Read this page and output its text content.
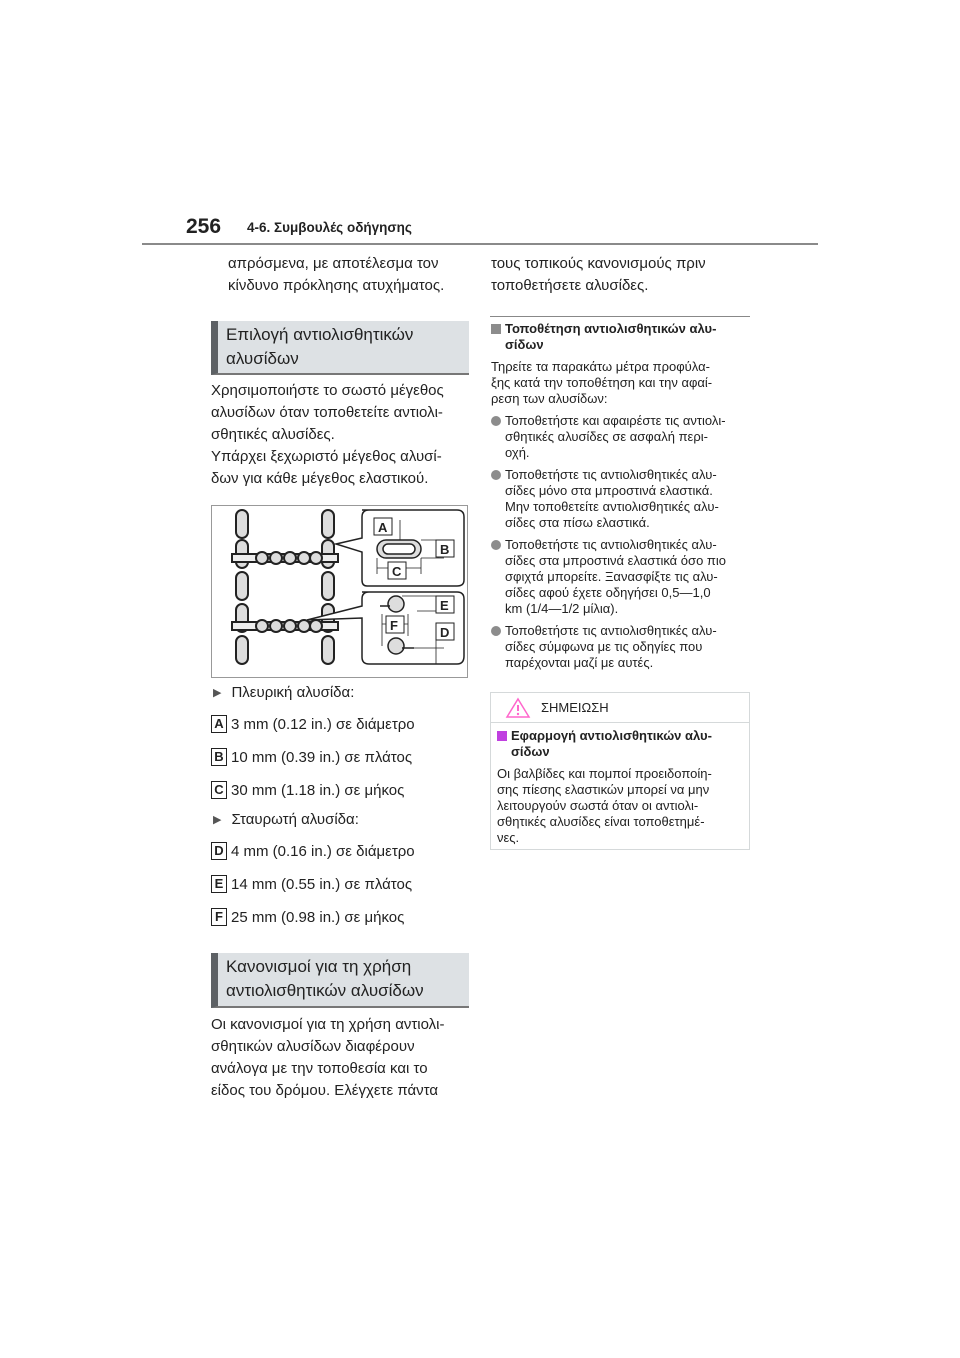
256 4-6. Συμβουλές οδήγησης
απρόσμενα, με αποτέλεσμα τον
κίνδυνο πρόκλησης ατυχήματος.
Επιλογή αντιολισθητικών
αλυσίδων
Χρησιμοποιήστε το σωστό μέγεθος
αλυσίδων όταν τοποθετείτε αντιολι-
σθητικές αλυσίδες.
Υπάρχει ξεχωριστό μέγεθος αλυσί-
δων για κάθε μέγεθος ελαστικού.
A
B
C
D
E
F
▶ Πλευρική αλυσίδα:
A 3 mm (0.12 in.) σε διάμετρο
B 10 mm (0.39 in.) σε πλάτος
C 30 mm (1.18 in.) σε μήκος
▶ Σταυρωτή αλυσίδα:
D 4 mm (0.16 in.) σε διάμετρο
E 14 mm (0.55 in.) σε πλάτος
F 25 mm (0.98 in.) σε μήκος
Κανονισμοί για τη χρήση
αντιολισθητικών αλυσίδων
Οι κανονισμοί για τη χρήση αντιολι-
σθητικών αλυσίδων διαφέρουν
ανάλογα με την τοποθεσία και το
είδος του δρόμου. Ελέγχετε πάντα
τους τοπικούς κανονισμούς πριν
τοποθετήσετε αλυσίδες.
Τοποθέτηση αντιολισθητικών αλυ-
σίδων
Τηρείτε τα παρακάτω μέτρα προφύλα-
ξης κατά την τοποθέτηση και την αφαί-
ρεση των αλυσίδων:
Τοποθετήστε και αφαιρέστε τις αντιολι-
σθητικές αλυσίδες σε ασφαλή περι-
οχή.
Τοποθετήστε τις αντιολισθητικές αλυ-
σίδες μόνο στα μπροστινά ελαστικά.
Μην τοποθετείτε αντιολισθητικές αλυ-
σίδες στα πίσω ελαστικά.
Τοποθετήστε τις αντιολισθητικές αλυ-
σίδες στα μπροστινά ελαστικά όσο πιο
σφιχτά μπορείτε. Ξανασφίξτε τις αλυ-
σίδες αφού έχετε οδηγήσει 0,5—1,0
km (1/4—1/2 μίλια).
Τοποθετήστε τις αντιολισθητικές αλυ-
σίδες σύμφωνα με τις οδηγίες που
παρέχονται μαζί με αυτές.
ΣΗΜΕΙΩΣΗ
Εφαρμογή αντιολισθητικών αλυ-
σίδων
Οι βαλβίδες και πομποί προειδοποίη-
σης πίεσης ελαστικών μπορεί να μην
λειτουργούν σωστά όταν οι αντιολι-
σθητικές αλυσίδες είναι τοποθετημέ-
νες.
